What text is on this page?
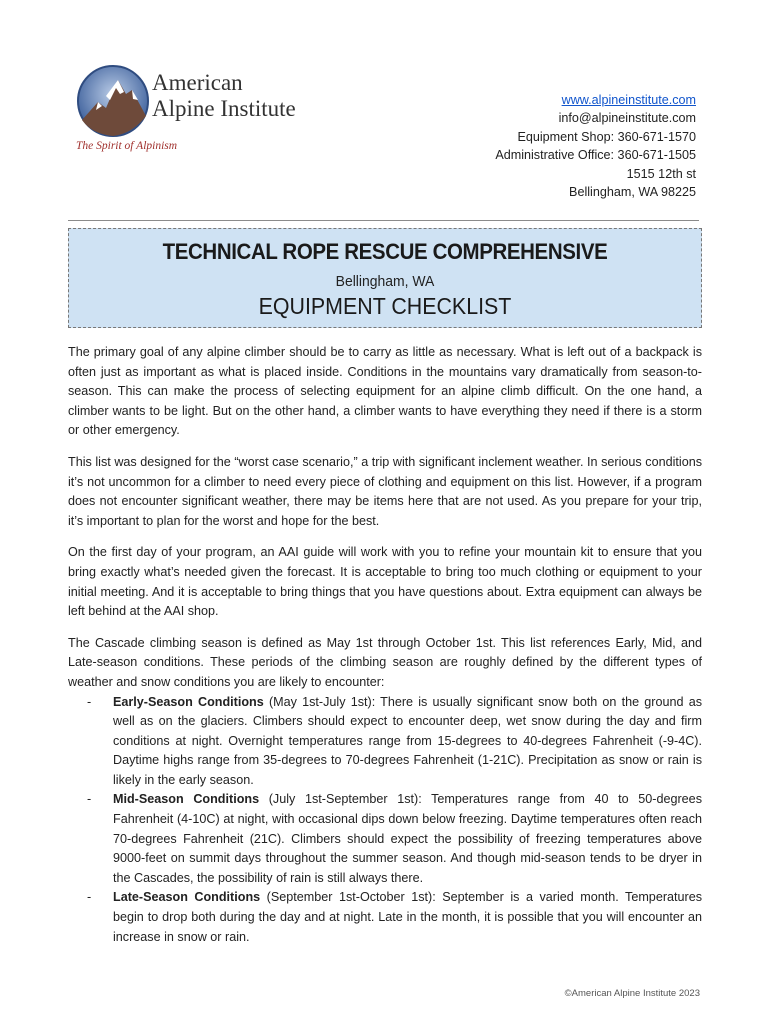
American
Alpine Institute
The Spirit of Alpinism
www.alpineinstitute.com
info@alpineinstitute.com
Equipment Shop: 360-671-1570
Administrative Office: 360-671-1505
1515 12th st
Bellingham, WA 98225
TECHNICAL ROPE RESCUE COMPREHENSIVE
Bellingham, WA
EQUIPMENT CHECKLIST

The primary goal of any alpine climber should be to carry as little as necessary. What is left out of a backpack is often just as important as what is placed inside. Conditions in the mountains vary dramatically from season-to-season. This can make the process of selecting equipment for an alpine climb difficult. On the one hand, a climber wants to be light. But on the other hand, a climber wants to have everything they need if there is a storm or other emergency.

This list was designed for the “worst case scenario,” a trip with significant inclement weather. In serious conditions it’s not uncommon for a climber to need every piece of clothing and equipment on this list. However, if a program does not encounter significant weather, there may be items here that are not used. As you prepare for your trip, it’s important to plan for the worst and hope for the best.

On the first day of your program, an AAI guide will work with you to refine your mountain kit to ensure that you bring exactly what’s needed given the forecast. It is acceptable to bring too much clothing or equipment to your initial meeting. And it is acceptable to bring things that you have questions about. Extra equipment can always be left behind at the AAI shop.

The Cascade climbing season is defined as May 1st through October 1st. This list references Early, Mid, and Late-season conditions. These periods of the climbing season are roughly defined by the different types of weather and snow conditions you are likely to encounter:

- Early-Season Conditions (May 1st-July 1st): There is usually significant snow both on the ground as well as on the glaciers. Climbers should expect to encounter deep, wet snow during the day and firm conditions at night. Overnight temperatures range from 15-degrees to 40-degrees Fahrenheit (-9-4C). Daytime highs range from 35-degrees to 70-degrees Fahrenheit (1-21C). Precipitation as snow or rain is likely in the early season.
- Mid-Season Conditions (July 1st-September 1st): Temperatures range from 40 to 50-degrees Fahrenheit (4-10C) at night, with occasional dips down below freezing. Daytime temperatures often reach 70-degrees Fahrenheit (21C). Climbers should expect the possibility of freezing temperatures above 9000-feet on summit days throughout the summer season. And though mid-season tends to be dryer in the Cascades, the possibility of rain is still always there.
- Late-Season Conditions (September 1st-October 1st): September is a varied month. Temperatures begin to drop both during the day and at night. Late in the month, it is possible that you will encounter an increase in snow or rain.
©American Alpine Institute 2023
